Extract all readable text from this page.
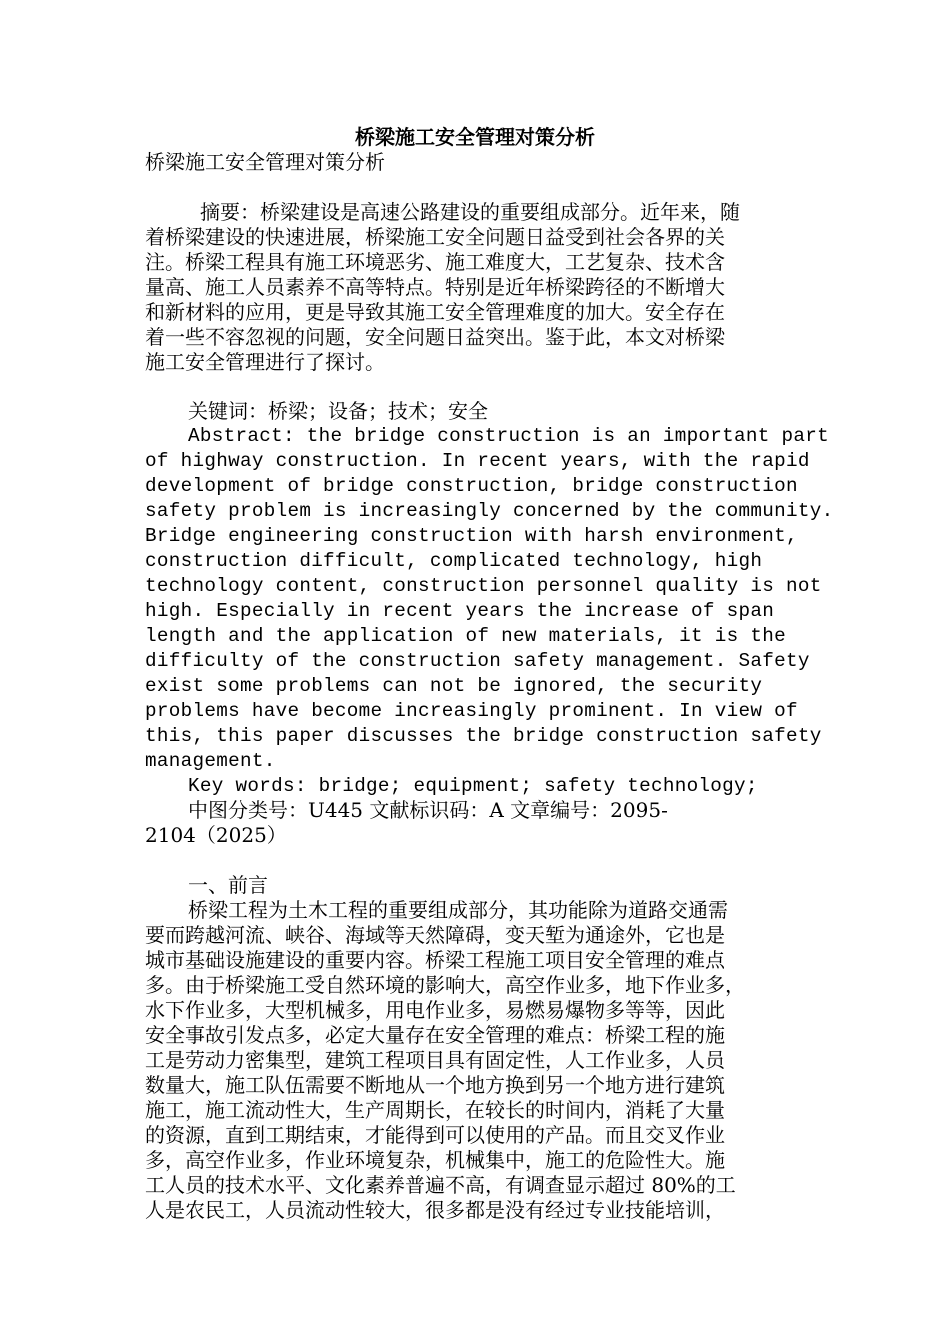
桥梁施工安全管理对策分析
桥梁施工安全管理对策分析
摘要：桥梁建设是高速公路建设的重要组成部分。近年来，随
着桥梁建设的快速进展，桥梁施工安全问题日益受到社会各界的关
注。桥梁工程具有施工环境恶劣、施工难度大，工艺复杂、技术含
量高、施工人员素养不高等特点。特别是近年桥梁跨径的不断增大
和新材料的应用，更是导致其施工安全管理难度的加大。安全存在
着一些不容忽视的问题，安全问题日益突出。鉴于此，本文对桥梁
施工安全管理进行了探讨。
关键词：桥梁；设备；技术；安全
Abstract: the bridge construction is an important part
of highway construction. In recent years, with the rapid
development of bridge construction, bridge construction
safety problem is increasingly concerned by the community.
Bridge engineering construction with harsh environment,
construction difficult, complicated technology, high
technology content, construction personnel quality is not
high. Especially in recent years the increase of span
length and the application of new materials, it is the
difficulty of the construction safety management. Safety
exist some problems can not be ignored, the security
problems have become increasingly prominent. In view of
this, this paper discusses the bridge construction safety
management.
Key words: bridge; equipment; safety technology;
中图分类号：U445 文献标识码：A 文章编号：2095-
2104（2025）
一、前言
桥梁工程为土木工程的重要组成部分，其功能除为道路交通需
要而跨越河流、峡谷、海域等天然障碍，变天堑为通途外，它也是
城市基础设施建设的重要内容。桥梁工程施工项目安全管理的难点
多。由于桥梁施工受自然环境的影响大，高空作业多，地下作业多，
水下作业多，大型机械多，用电作业多，易燃易爆物多等等，因此
安全事故引发点多，必定大量存在安全管理的难点：桥梁工程的施
工是劳动力密集型，建筑工程项目具有固定性，人工作业多，人员
数量大，施工队伍需要不断地从一个地方换到另一个地方进行建筑
施工，施工流动性大，生产周期长，在较长的时间内，消耗了大量
的资源，直到工期结束，才能得到可以使用的产品。而且交叉作业
多，高空作业多，作业环境复杂，机械集中，施工的危险性大。施
工人员的技术水平、文化素养普遍不高，有调查显示超过 80%的工
人是农民工，人员流动性较大，很多都是没有经过专业技能培训，
